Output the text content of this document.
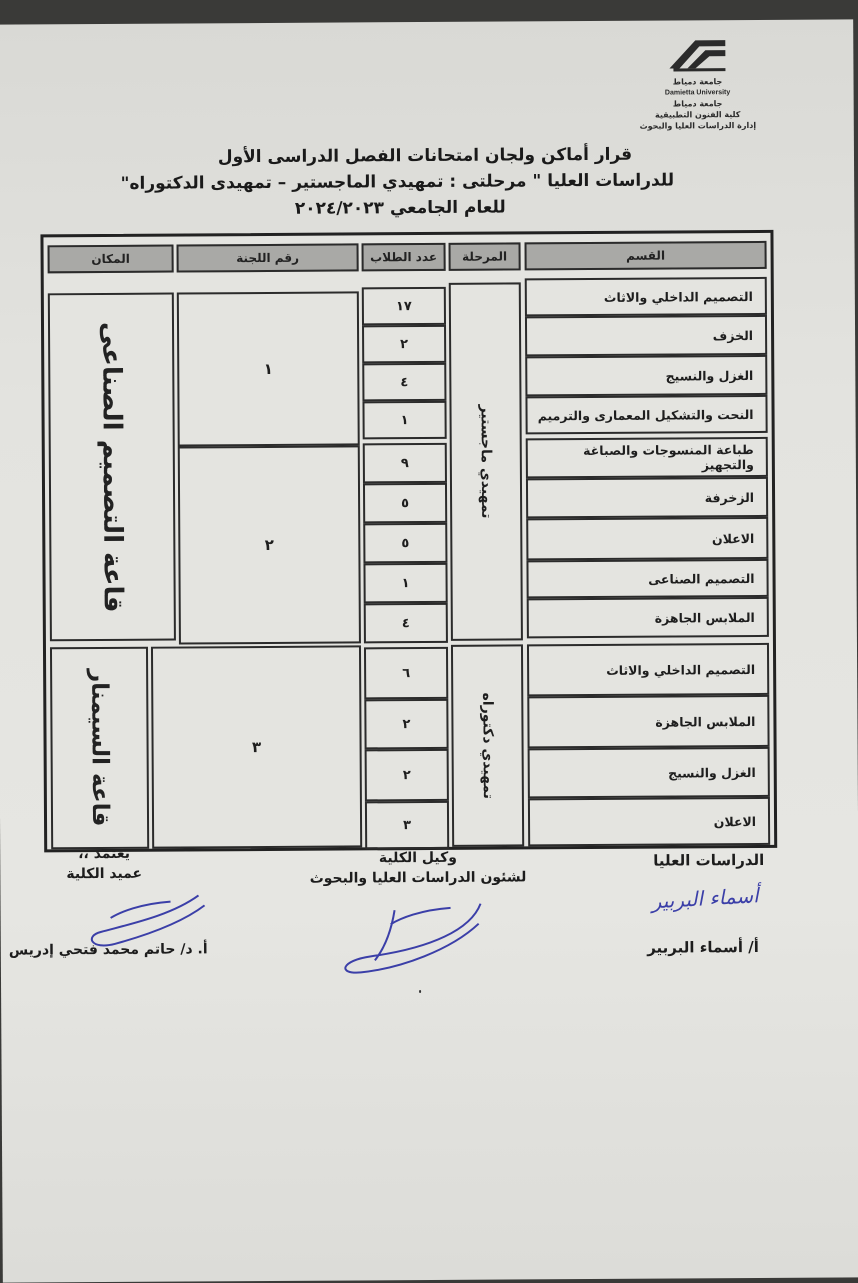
جامعة دمياط
Damietta University
جامعة دمياط
كلية الفنون التطبيقية
إدارة الدراسات العليا والبحوث
قرار أماكن ولجان امتحانات الفصل الدراسى الأول
للدراسات العليا " مرحلتى : تمهيدي الماجستير – تمهيدى الدكتوراه"
للعام الجامعي ٢٠٢٤/٢٠٢٣
القسم
المرحلة
عدد الطلاب
رقم اللجنة
المكان
التصميم الداخلي والاثاث
١٧
الخزف
٢
الغزل والنسيج
٤
النحت والتشكيل المعمارى والترميم
١
طباعة المنسوجات والصباغة والتجهيز
٩
الزخرفة
٥
الاعلان
٥
التصميم الصناعى
١
الملابس الجاهزة
٤
التصميم الداخلي والاثاث
٦
الملابس الجاهزة
٢
الغزل والنسيج
٢
الاعلان
٣
تمهيدي ماجستير
تمهيدي دكتوراه
١
٢
٣
قاعة التصميم الصناعى
قاعة السيمنار
الدراسات العليا
أسماء البربير
أ/ أسماء البربير
وكيل الكلية
لشئون الدراسات العليا والبحوث
يعتمد ،،
عميد الكلية
أ. د/ حاتم محمد فتحي إدريس
